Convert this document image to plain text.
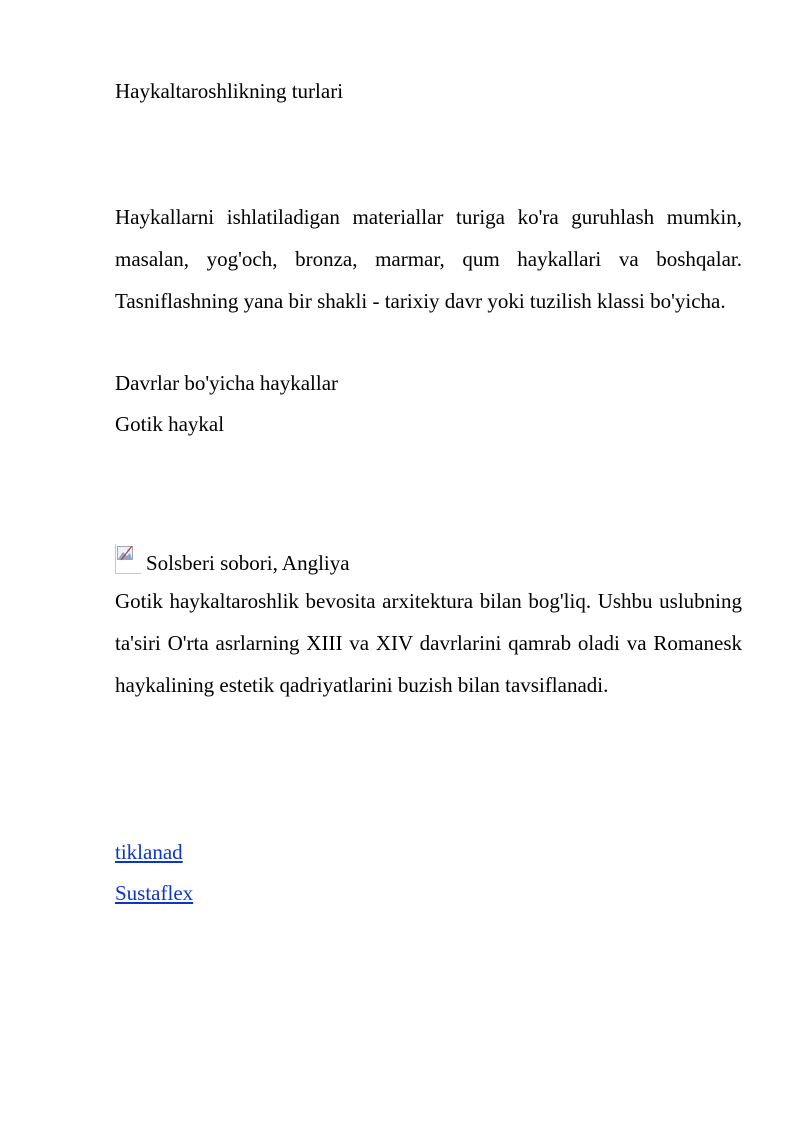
Haykaltaroshlikning turlari
Haykallarni ishlatiladigan materiallar turiga ko'ra guruhlash mumkin, masalan, yog'och, bronza, marmar, qum haykallari va boshqalar. Tasniflashning yana bir shakli - tarixiy davr yoki tuzilish klassi bo'yicha.
Davrlar bo'yicha haykallar
Gotik haykal
Solsberi sobori, Angliya
Gotik haykaltaroshlik bevosita arxitektura bilan bog'liq. Ushbu uslubning ta'siri O'rta asrlarning XIII va XIV davrlarini qamrab oladi va Romanesk haykalining estetik qadriyatlarini buzish bilan tavsiflanadi.
tiklanad
Sustaflex
